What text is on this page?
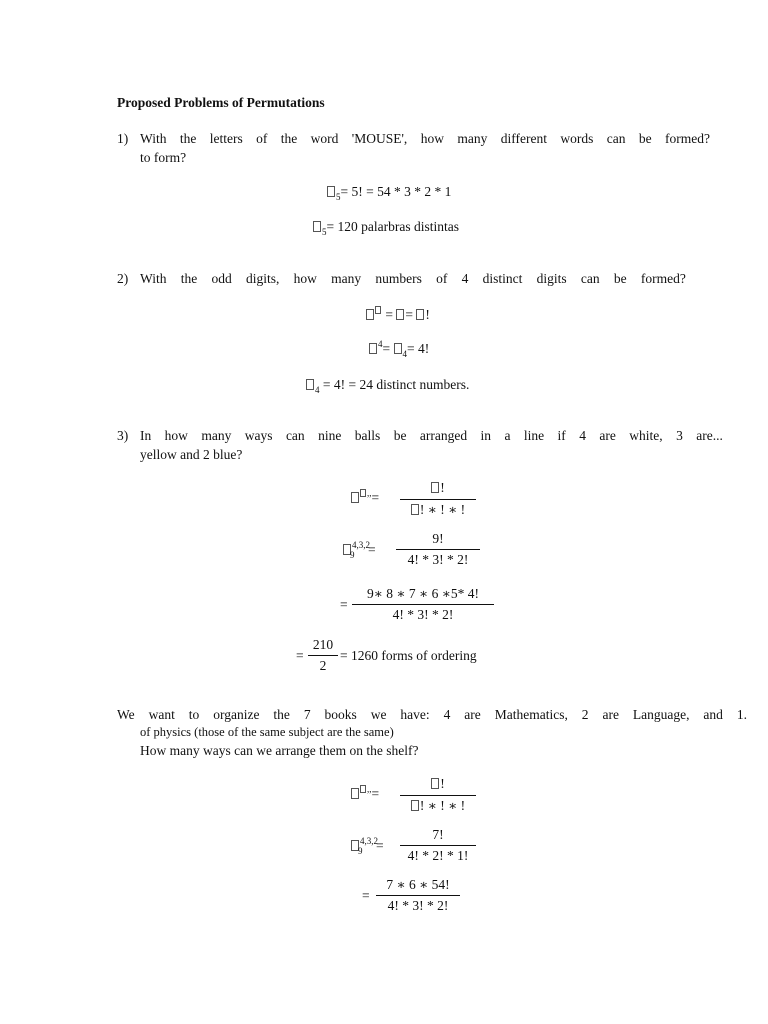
Proposed Problems of Permutations
1) With the letters of the word 'MOUSE', how many different words can be formed?
to form?
$_5$= 5! = 54 * 3 * 2 * 1
$_5$= 120 palarbras distintas
2) With the odd digits, how many numbers of 4 distinct digits can be formed?
= = !
$^4$= $_4$= 4!
$_4$ = 4! = 24 distinct numbers.
3) In how many ways can nine balls be arranged in a line if 4 are white, 3 are...
yellow and 2 blue?
,,=
!
! ∗ ! ∗ !
$^{4,3,2}_9$ =
9!
4! * 3! * 2!
=
9∗ 8 ∗ 7 ∗ 6 ∗5* 4!
4! * 3! * 2!
=
210
2
= 1260 forms of ordering
We want to organize the 7 books we have: 4 are Mathematics, 2 are Language, and 1.
of physics (those of the same subject are the same)
How many ways can we arrange them on the shelf?
,,=
!
! ∗ ! ∗ !
$^{4,3,2}_9$ =
7!
4! * 2! * 1!
=
7 ∗ 6 ∗ 54!
4! * 3! * 2!
